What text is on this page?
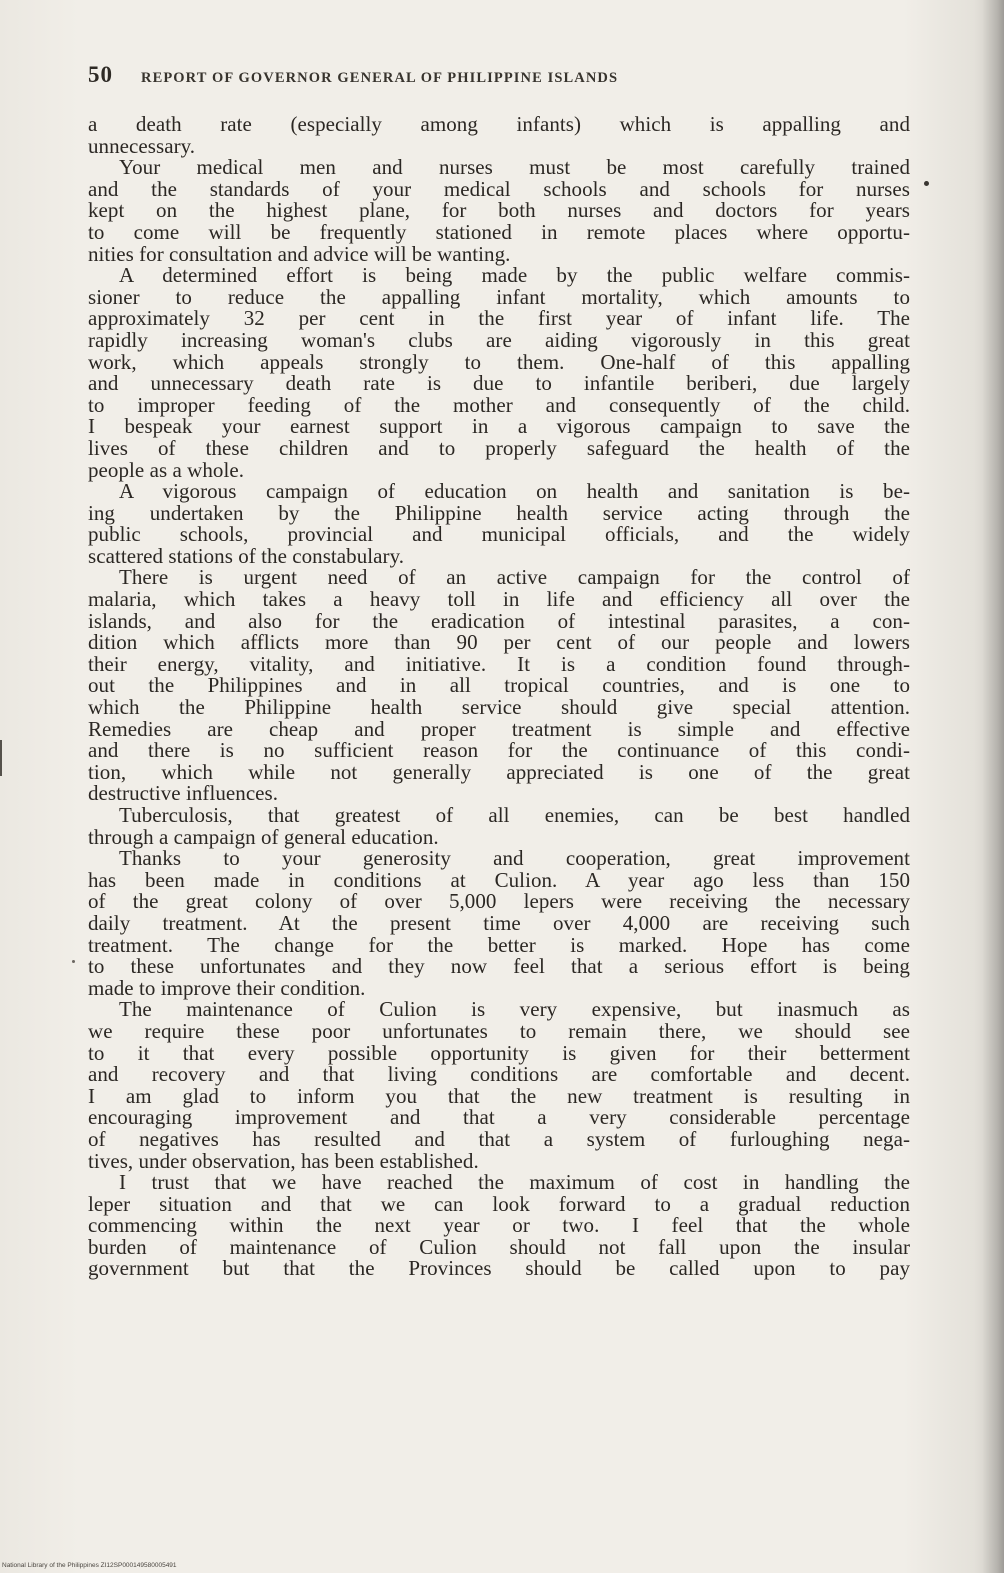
50 REPORT OF GOVERNOR GENERAL OF PHILIPPINE ISLANDS
a death rate (especially among infants) which is appalling and
unnecessary.
Your medical men and nurses must be most carefully trained
and the standards of your medical schools and schools for nurses
kept on the highest plane, for both nurses and doctors for years
to come will be frequently stationed in remote places where opportu-
nities for consultation and advice will be wanting.
A determined effort is being made by the public welfare commis-
sioner to reduce the appalling infant mortality, which amounts to
approximately 32 per cent in the first year of infant life. The
rapidly increasing woman's clubs are aiding vigorously in this great
work, which appeals strongly to them. One-half of this appalling
and unnecessary death rate is due to infantile beriberi, due largely
to improper feeding of the mother and consequently of the child.
I bespeak your earnest support in a vigorous campaign to save the
lives of these children and to properly safeguard the health of the
people as a whole.
A vigorous campaign of education on health and sanitation is be-
ing undertaken by the Philippine health service acting through the
public schools, provincial and municipal officials, and the widely
scattered stations of the constabulary.
There is urgent need of an active campaign for the control of
malaria, which takes a heavy toll in life and efficiency all over the
islands, and also for the eradication of intestinal parasites, a con-
dition which afflicts more than 90 per cent of our people and lowers
their energy, vitality, and initiative. It is a condition found through-
out the Philippines and in all tropical countries, and is one to
which the Philippine health service should give special attention.
Remedies are cheap and proper treatment is simple and effective
and there is no sufficient reason for the continuance of this condi-
tion, which while not generally appreciated is one of the great
destructive influences.
Tuberculosis, that greatest of all enemies, can be best handled
through a campaign of general education.
Thanks to your generosity and cooperation, great improvement
has been made in conditions at Culion. A year ago less than 150
of the great colony of over 5,000 lepers were receiving the necessary
daily treatment. At the present time over 4,000 are receiving such
treatment. The change for the better is marked. Hope has come
to these unfortunates and they now feel that a serious effort is being
made to improve their condition.
The maintenance of Culion is very expensive, but inasmuch as
we require these poor unfortunates to remain there, we should see
to it that every possible opportunity is given for their betterment
and recovery and that living conditions are comfortable and decent.
I am glad to inform you that the new treatment is resulting in
encouraging improvement and that a very considerable percentage
of negatives has resulted and that a system of furloughing nega-
tives, under observation, has been established.
I trust that we have reached the maximum of cost in handling the
leper situation and that we can look forward to a gradual reduction
commencing within the next year or two. I feel that the whole
burden of maintenance of Culion should not fall upon the insular
government but that the Provinces should be called upon to pay
National Library of the Philippines ZI12SP000149580005491
